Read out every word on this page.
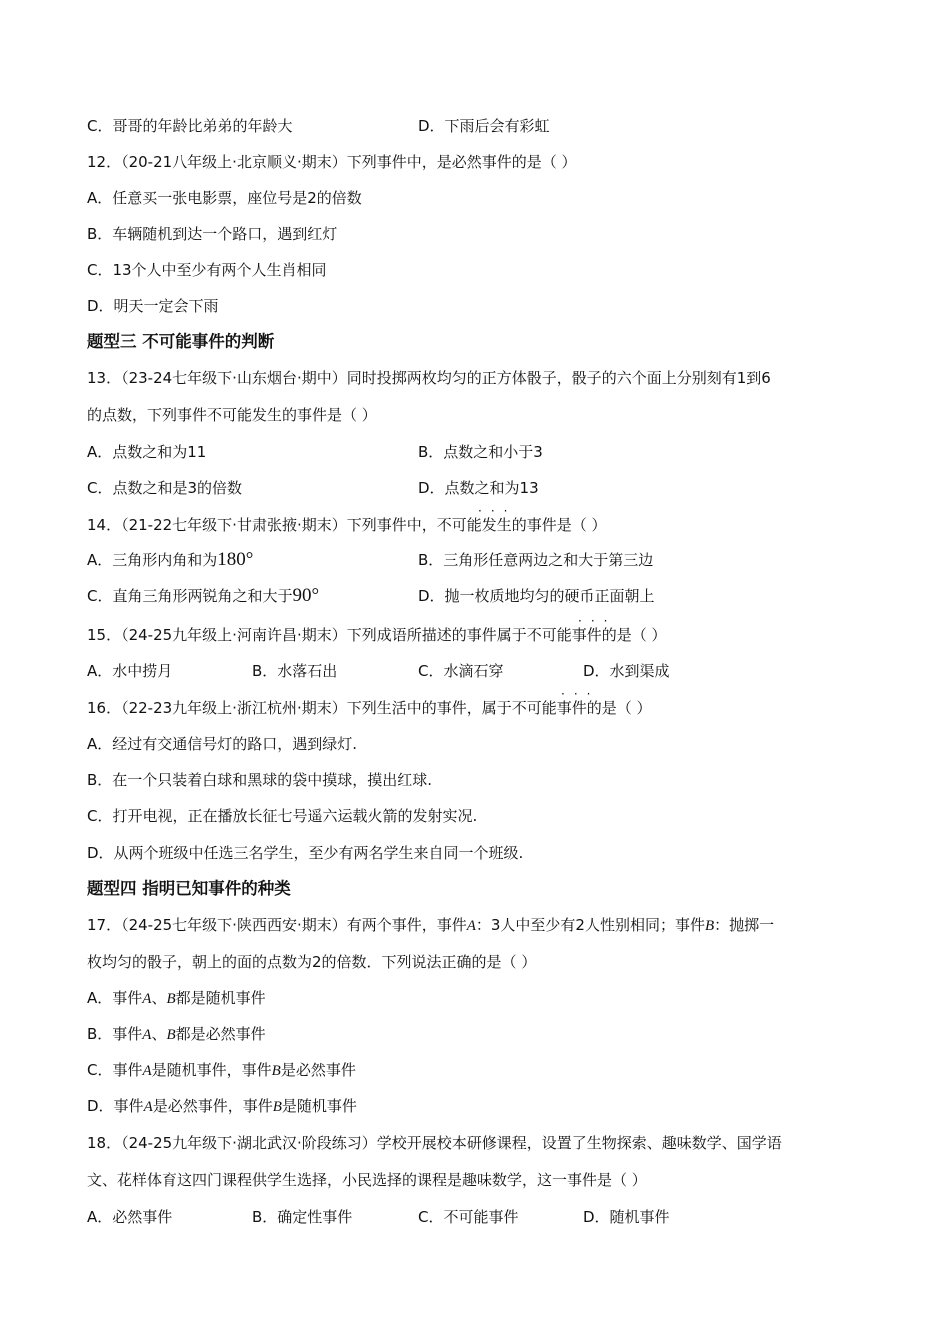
C．哥哥的年龄比弟弟的年龄大	D．下雨后会有彩虹
12．（20-21八年级上·北京顺义·期末）下列事件中，是必然事件的是（ ）
A．任意买一张电影票，座位号是2的倍数
B．车辆随机到达一个路口，遇到红灯
C．13个人中至少有两个人生肖相同
D．明天一定会下雨
题型三 不可能事件的判断
13．（23-24七年级下·山东烟台·期中）同时投掷两枚均匀的正方体骰子，骰子的六个面上分别刻有1到6
的点数，下列事件不可能发生的事件是（ ）
A．点数之和为11	B．点数之和小于3
C．点数之和是3的倍数	D．点数之和为13
···
14．（21-22七年级下·甘肃张掖·期末）下列事件中，不可能发生的事件是（ ）
A．三角形内角和为180°	B．三角形任意两边之和大于第三边
C．直角三角形两锐角之和大于90°	D．抛一枚质地均匀的硬币正面朝上
···
15．（24-25九年级上·河南许昌·期末）下列成语所描述的事件属于不可能事件的是（ ）
A．水中捞月	B．水落石出	C．水滴石穿	D．水到渠成
···
16．（22-23九年级上·浙江杭州·期末）下列生活中的事件，属于不可能事件的是（ ）
A．经过有交通信号灯的路口，遇到绿灯.
B．在一个只装着白球和黑球的袋中摸球，摸出红球.
C．打开电视，正在播放长征七号遥六运载火箭的发射实况.
D．从两个班级中任选三名学生，至少有两名学生来自同一个班级.
题型四 指明已知事件的种类
17．（24-25七年级下·陕西西安·期末）有两个事件，事件A：3人中至少有2人性别相同；事件B：抛掷一
枚均匀的骰子，朝上的面的点数为2的倍数．下列说法正确的是（ ）
A．事件A、B都是随机事件
B．事件A、B都是必然事件
C．事件A是随机事件，事件B是必然事件
D．事件A是必然事件，事件B是随机事件
18．（24-25九年级下·湖北武汉·阶段练习）学校开展校本研修课程，设置了生物探索、趣味数学、国学语
文、花样体育这四门课程供学生选择，小民选择的课程是趣味数学，这一事件是（ ）
A．必然事件	B．确定性事件	C．不可能事件	D．随机事件
